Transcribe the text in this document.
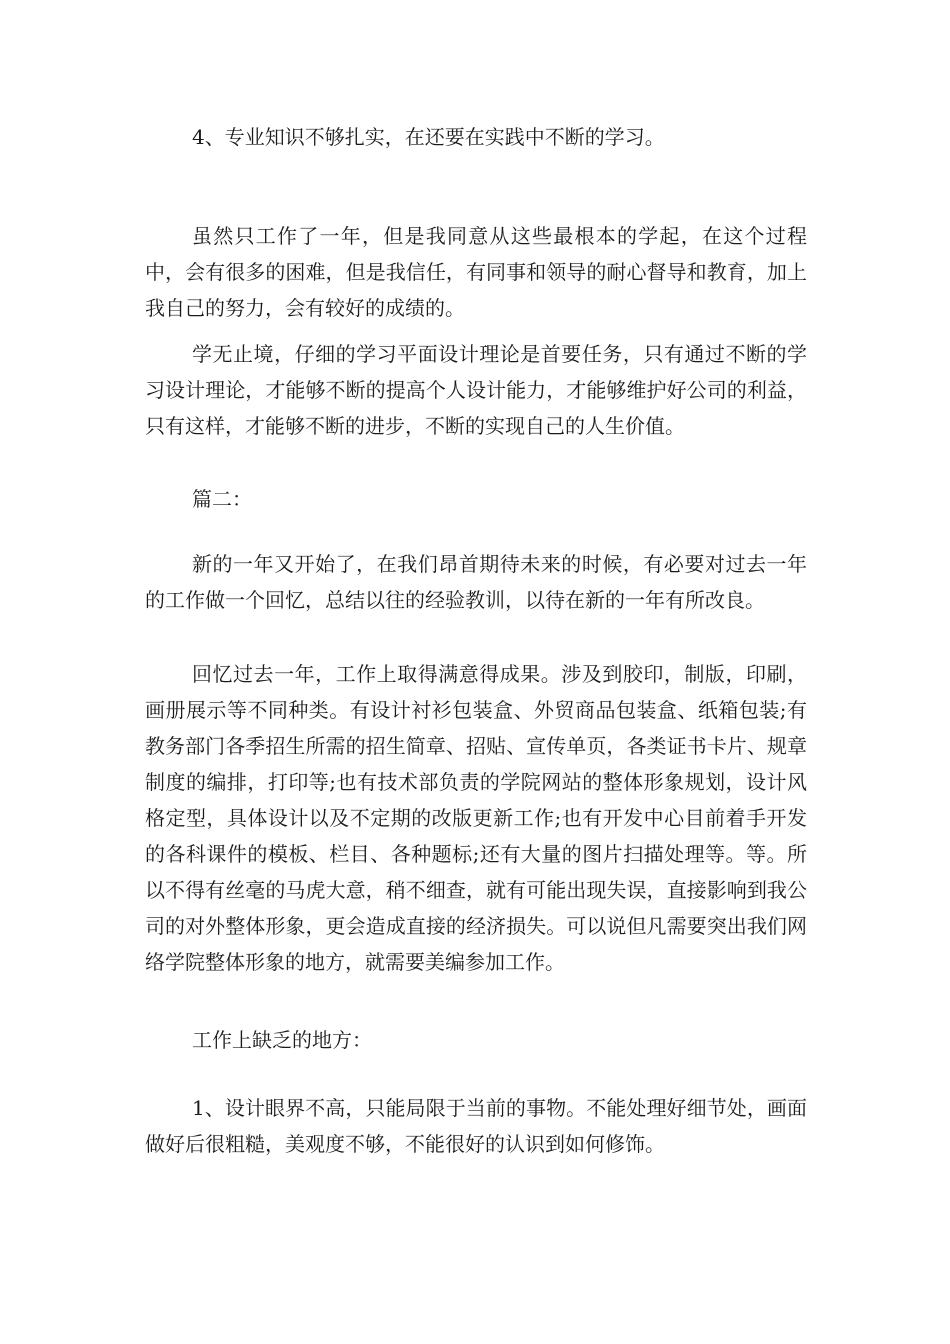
4、专业知识不够扎实，在还要在实践中不断的学习。

虽然只工作了一年，但是我同意从这些最根本的学起，在这个过程中，会有很多的困难，但是我信任，有同事和领导的耐心督导和教育，加上我自己的努力，会有较好的成绩的。

学无止境，仔细的学习平面设计理论是首要任务，只有通过不断的学习设计理论，才能够不断的提高个人设计能力，才能够维护好公司的利益，只有这样，才能够不断的进步，不断的实现自己的人生价值。

篇二：

新的一年又开始了，在我们昂首期待未来的时候，有必要对过去一年的工作做一个回忆，总结以往的经验教训，以待在新的一年有所改良。

回忆过去一年，工作上取得满意得成果。涉及到胶印，制版，印刷，画册展示等不同种类。有设计衬衫包装盒、外贸商品包装盒、纸箱包装;有教务部门各季招生所需的招生简章、招贴、宣传单页，各类证书卡片、规章制度的编排，打印等;也有技术部负责的学院网站的整体形象规划，设计风格定型，具体设计以及不定期的改版更新工作;也有开发中心目前着手开发的各科课件的模板、栏目、各种题标;还有大量的图片扫描处理等。等。所以不得有丝毫的马虎大意，稍不细查，就有可能出现失误，直接影响到我公司的对外整体形象，更会造成直接的经济损失。可以说但凡需要突出我们网络学院整体形象的地方，就需要美编参加工作。

工作上缺乏的地方：

1、设计眼界不高，只能局限于当前的事物。不能处理好细节处，画面做好后很粗糙，美观度不够，不能很好的认识到如何修饰。
